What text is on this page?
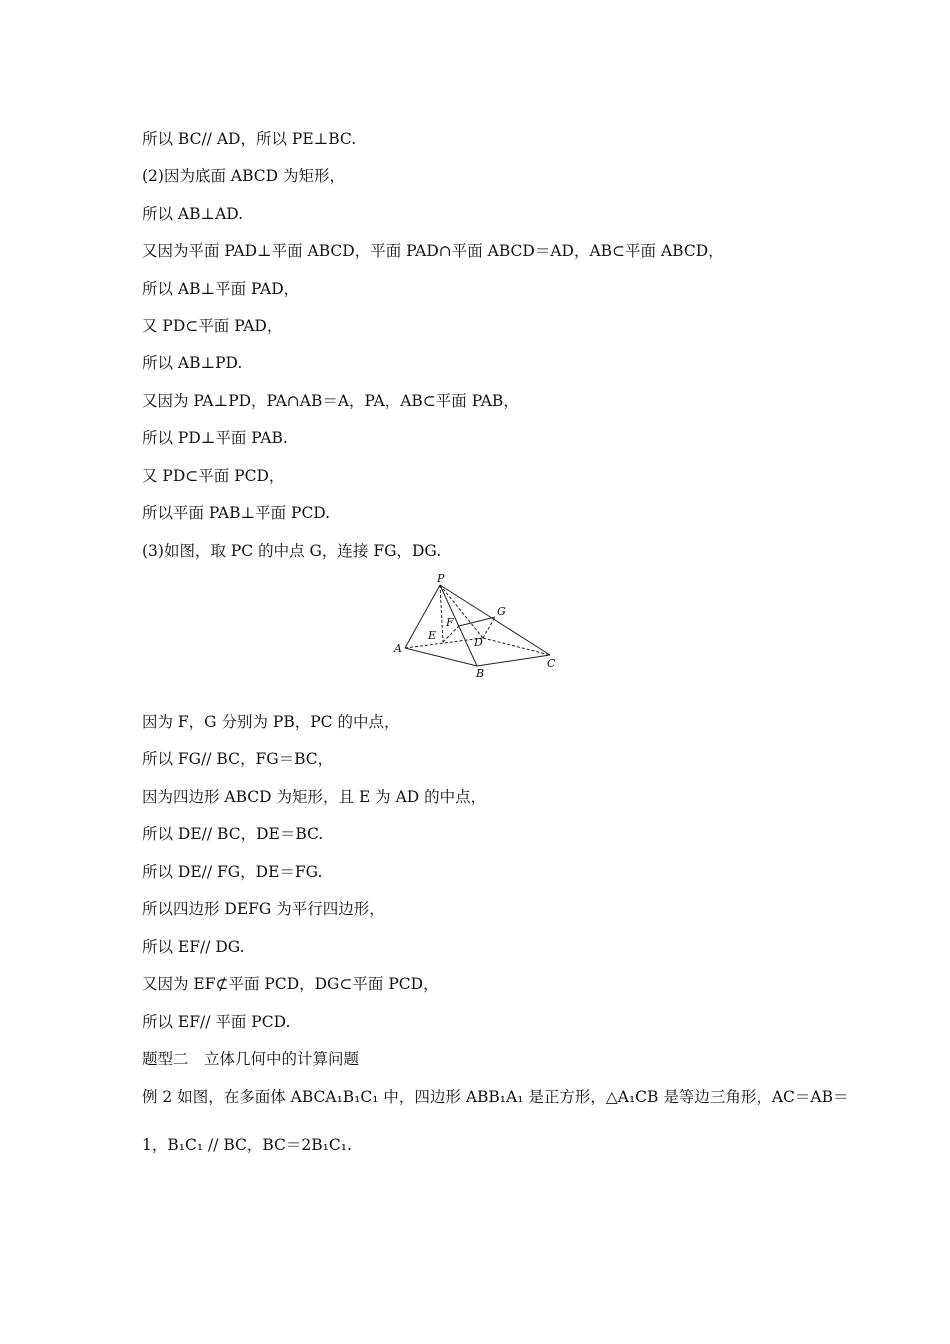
所以 BC// AD，所以 PE⊥BC.
(2)因为底面 ABCD 为矩形，
所以 AB⊥AD.
又因为平面 PAD⊥平面 ABCD，平面 PAD∩平面 ABCD＝AD，AB⊂平面 ABCD，
所以 AB⊥平面 PAD，
又 PD⊂平面 PAD，
所以 AB⊥PD.
又因为 PA⊥PD，PA∩AB＝A，PA，AB⊂平面 PAB，
所以 PD⊥平面 PAB.
又 PD⊂平面 PCD，
所以平面 PAB⊥平面 PCD.
(3)如图，取 PC 的中点 G，连接 FG，DG.
P
G
F
E
D
A
B
C
因为 F，G 分别为 PB，PC 的中点，
所以 FG// BC，FG＝BC，
因为四边形 ABCD 为矩形，且 E 为 AD 的中点，
所以 DE// BC，DE＝BC.
所以 DE// FG，DE＝FG.
所以四边形 DEFG 为平行四边形，
所以 EF// DG.
又因为 EF⊄平面 PCD，DG⊂平面 PCD，
所以 EF// 平面 PCD.
题型二　立体几何中的计算问题
例 2 如图，在多面体 ABCA₁B₁C₁ 中，四边形 ABB₁A₁ 是正方形，△A₁CB 是等边三角形，AC＝AB＝
1，B₁C₁ // BC，BC＝2B₁C₁.
